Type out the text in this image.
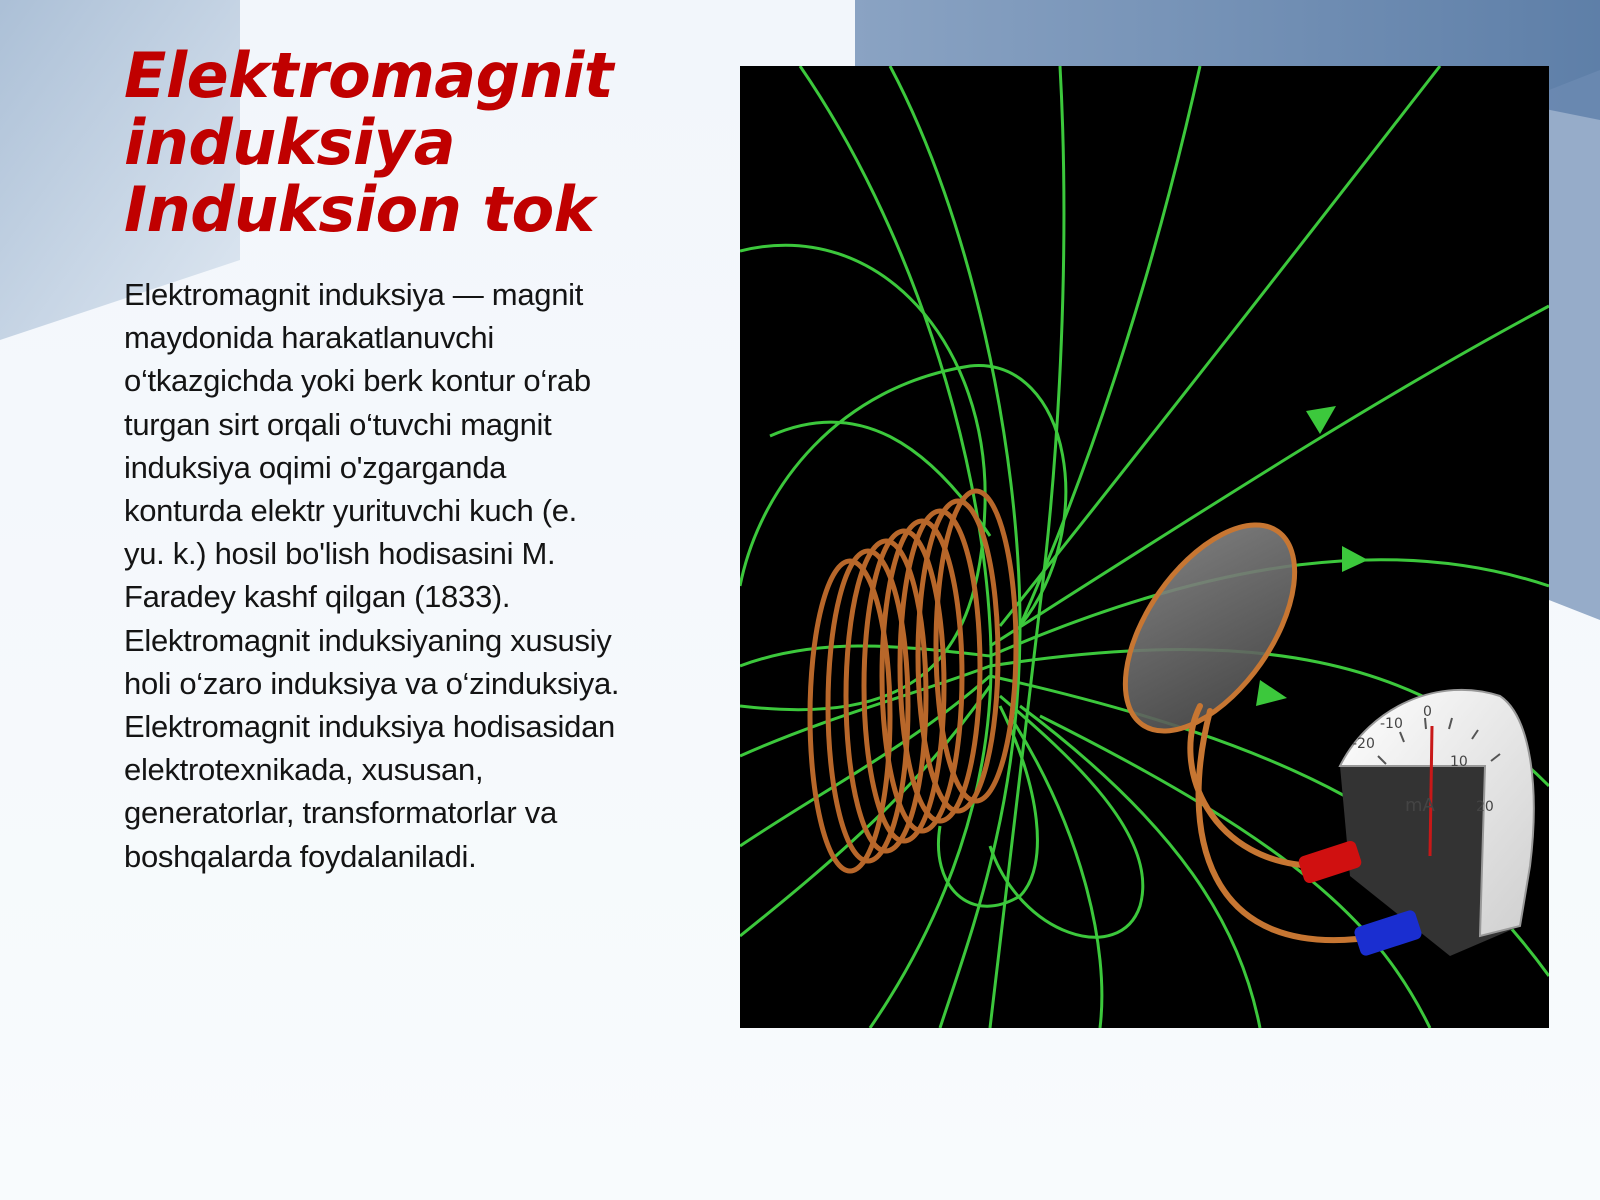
Elektromagnit
induksiya
Induksion tok
Elektromagnit induksiya — magnit
maydonida harakatlanuvchi
o‘tkazgichda yoki berk kontur o‘rab
turgan sirt orqali o‘tuvchi magnit
induksiya oqimi o'zgarganda
konturda elektr yurituvchi kuch (e.
yu. k.) hosil bo'lish hodisasini M.
Faradey kashf qilgan (1833).
Elektromagnit induksiyaning xususiy
holi o‘zaro induksiya va o‘zinduksiya.
Elektromagnit induksiya hodisasidan
elektrotexnikada, xususan,
generatorlar, transformatorlar va
boshqalarda foydalaniladi.
-20
-10
0
10
20
mA
